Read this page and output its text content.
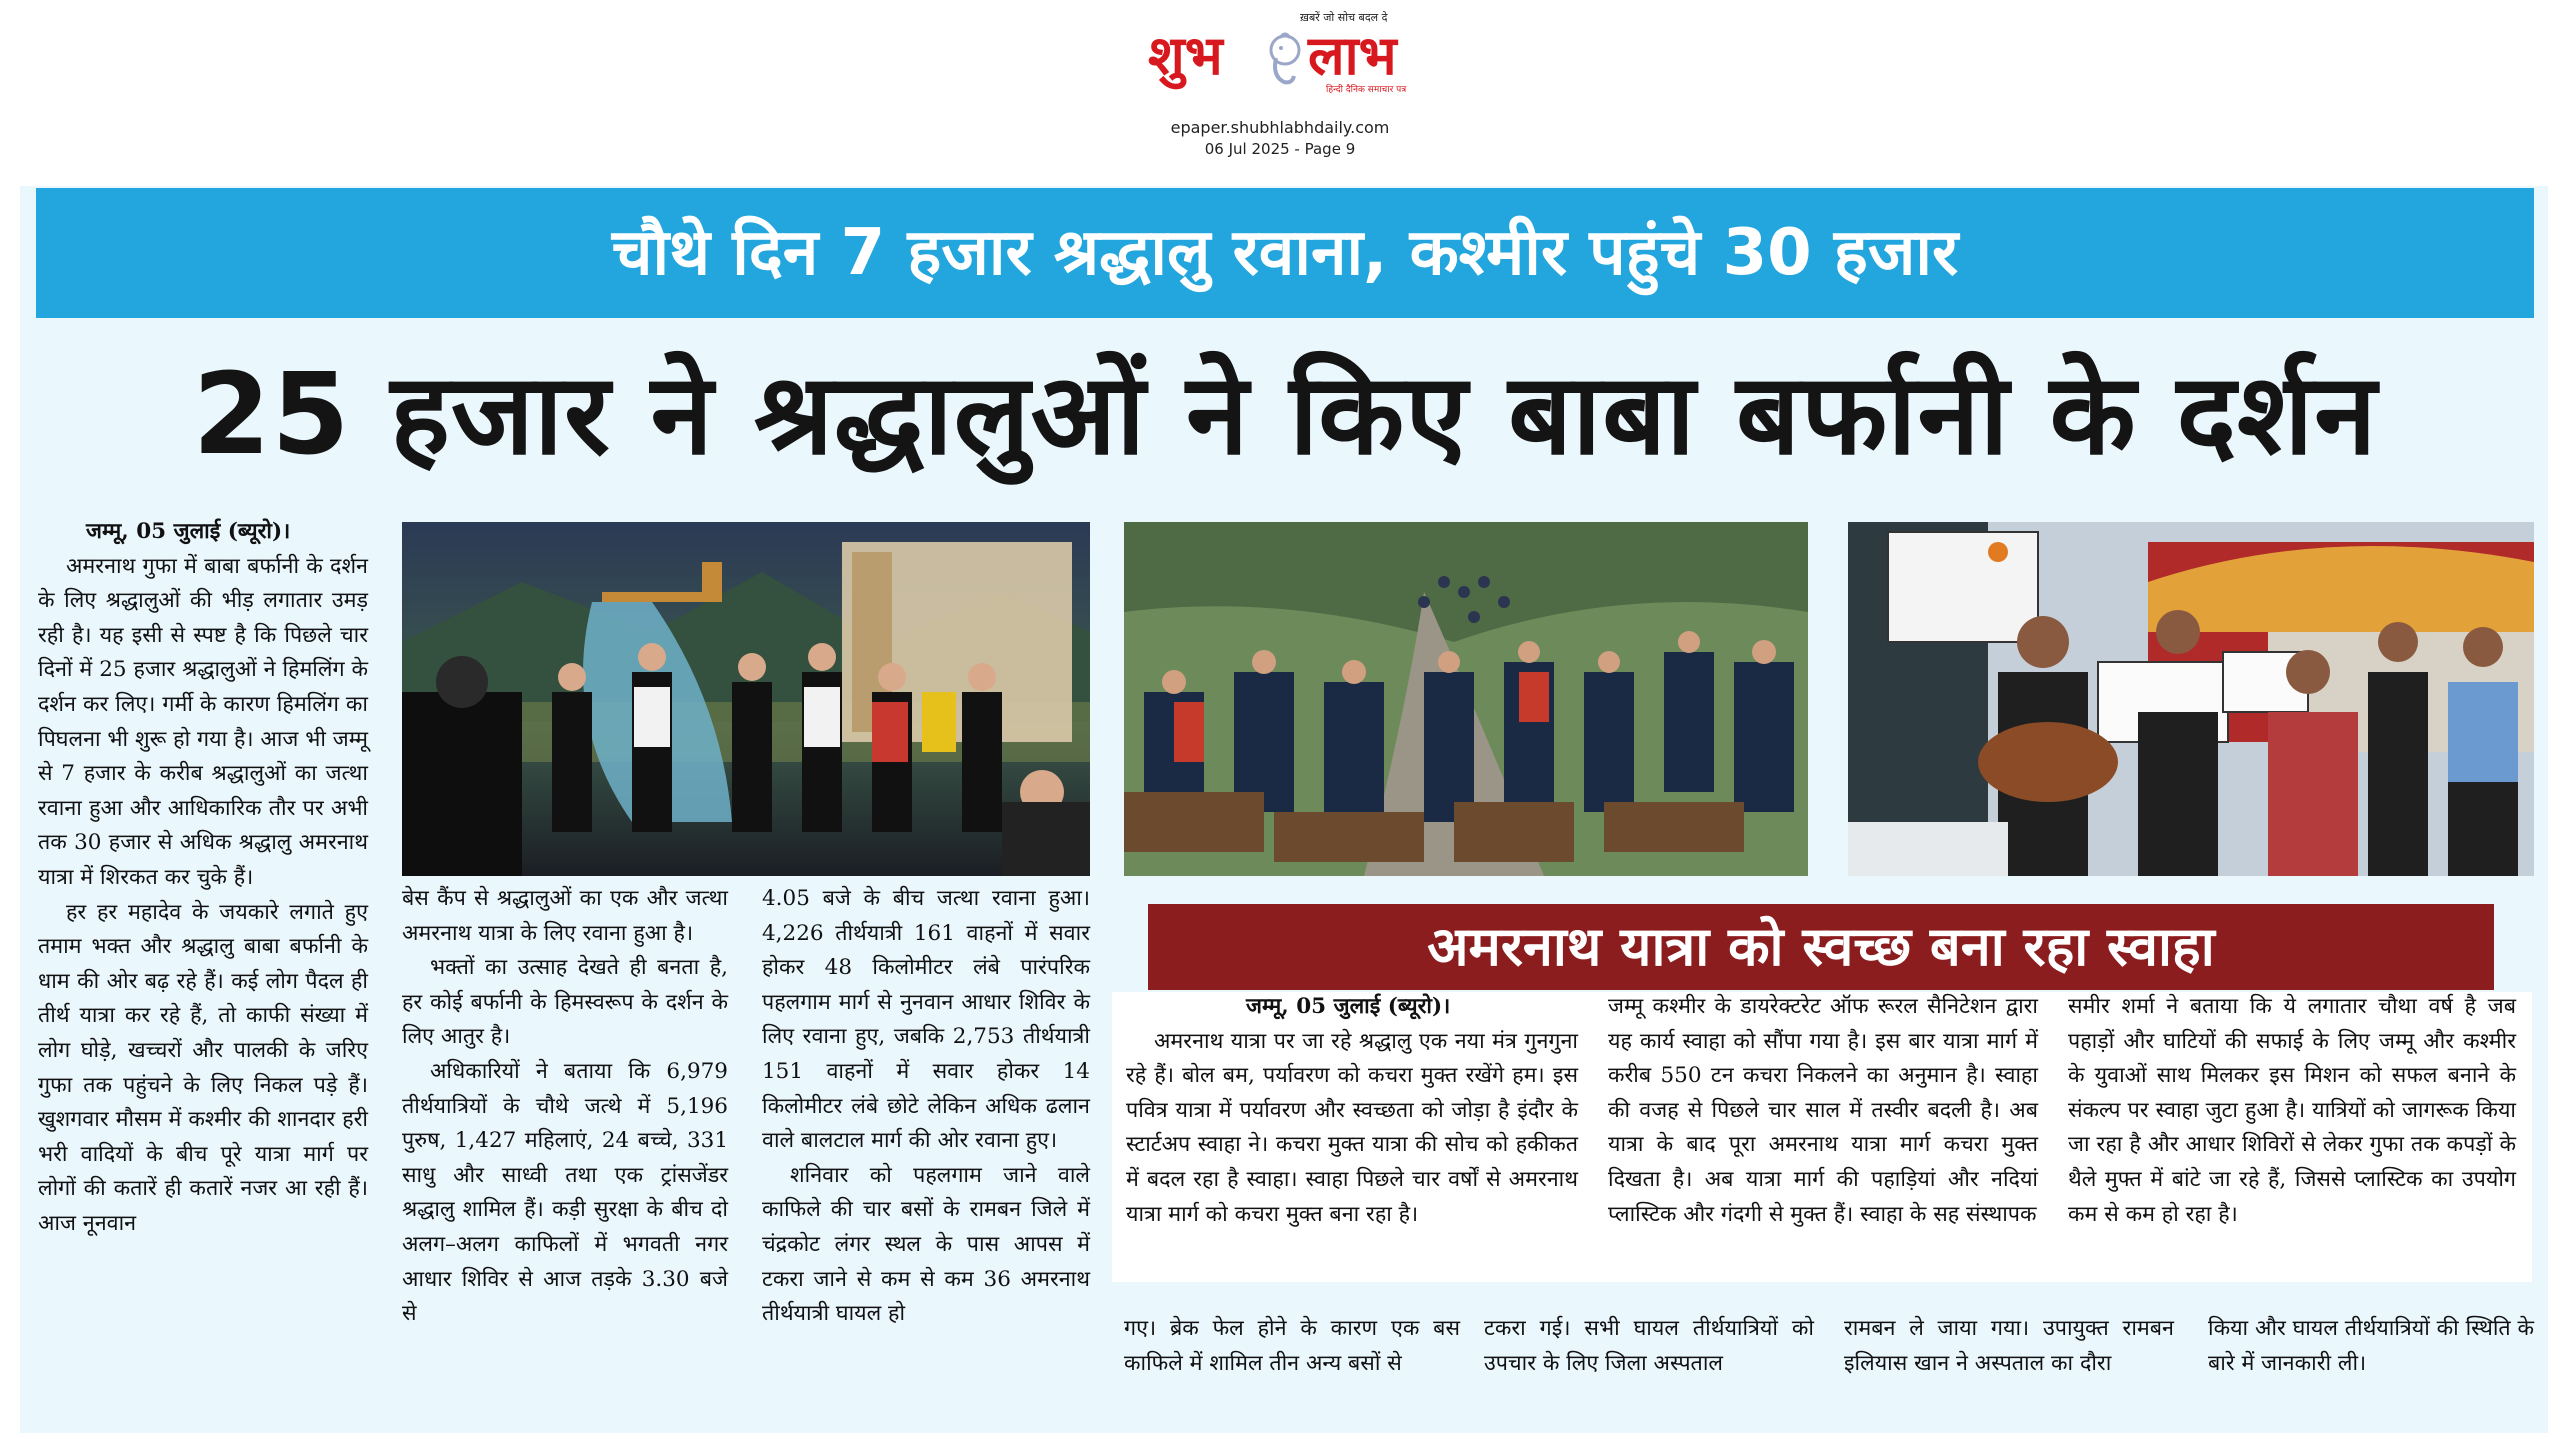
ख़बरें जो सोच बदल दे
शुभ लाभ
हिन्दी दैनिक समाचार पत्र
epaper.shubhlabhdaily.com
06 Jul 2025 - Page 9
चौथे दिन 7 हजार श्रद्धालु रवाना, कश्मीर पहुंचे 30 हजार
25 हजार ने श्रद्धालुओं ने किए बाबा बर्फानी के दर्शन

जम्मू, 05 जुलाई (ब्यूरो)।

अमरनाथ गुफा में बाबा बर्फानी के दर्शन के लिए श्रद्धालुओं की भीड़ लगातार उमड़ रही है। यह इसी से स्पष्ट है कि पिछले चार दिनों में 25 हजार श्रद्धालुओं ने हिमलिंग के दर्शन कर लिए। गर्मी के कारण हिमलिंग का पिघलना भी शुरू हो गया है। आज भी जम्मू से 7 हजार के करीब श्रद्धालुओं का जत्था रवाना हुआ और आधिकारिक तौर पर अभी तक 30 हजार से अधिक श्रद्धालु अमरनाथ यात्रा में शिरकत कर चुके हैं।

हर हर महादेव के जयकारे लगाते हुए तमाम भक्त और श्रद्धालु बाबा बर्फानी के धाम की ओर बढ़ रहे हैं। कई लोग पैदल ही तीर्थ यात्रा कर रहे हैं, तो काफी संख्या में लोग घोड़े, खच्चरों और पालकी के जरिए गुफा तक पहुंचने के लिए निकल पड़े हैं। खुशगवार मौसम में कश्मीर की शानदार हरी भरी वादियों के बीच पूरे यात्रा मार्ग पर लोगों की कतारें ही कतारें नजर आ रही हैं। आज नूनवान

बेस कैंप से श्रद्धालुओं का एक और जत्था अमरनाथ यात्रा के लिए रवाना हुआ है।

भक्तों का उत्साह देखते ही बनता है, हर कोई बर्फानी के हिमस्वरूप के दर्शन के लिए आतुर है।

अधिकारियों ने बताया कि 6,979 तीर्थयात्रियों के चौथे जत्थे में 5,196 पुरुष, 1,427 महिलाएं, 24 बच्चे, 331 साधु और साध्वी तथा एक ट्रांसजेंडर श्रद्धालु शामिल हैं। कड़ी सुरक्षा के बीच दो अलग–अलग काफिलों में भगवती नगर आधार शिविर से आज तड़के 3.30 बजे से

4.05 बजे के बीच जत्था रवाना हुआ। 4,226 तीर्थयात्री 161 वाहनों में सवार होकर 48 किलोमीटर लंबे पारंपरिक पहलगाम मार्ग से नुनवान आधार शिविर के लिए रवाना हुए, जबकि 2,753 तीर्थयात्री 151 वाहनों में सवार होकर 14 किलोमीटर लंबे छोटे लेकिन अधिक ढलान वाले बालटाल मार्ग की ओर रवाना हुए।

शनिवार को पहलगाम जाने वाले काफिले की चार बसों के रामबन जिले में चंद्रकोट लंगर स्थल के पास आपस में टकरा जाने से कम से कम 36 अमरनाथ तीर्थयात्री घायल हो

अमरनाथ यात्रा को स्वच्छ बना रहा स्वाहा

जम्मू, 05 जुलाई (ब्यूरो)।

अमरनाथ यात्रा पर जा रहे श्रद्धालु एक नया मंत्र गुनगुना रहे हैं। बोल बम, पर्यावरण को कचरा मुक्त रखेंगे हम। इस पवित्र यात्रा में पर्यावरण और स्वच्छता को जोड़ा है इंदौर के स्टार्टअप स्वाहा ने। कचरा मुक्त यात्रा की सोच को हकीकत में बदल रहा है स्वाहा। स्वाहा पिछले चार वर्षों से अमरनाथ यात्रा मार्ग को कचरा मुक्त बना रहा है।

जम्मू कश्मीर के डायरेक्टरेट ऑफ रूरल सैनिटेशन द्वारा यह कार्य स्वाहा को सौंपा गया है। इस बार यात्रा मार्ग में करीब 550 टन कचरा निकलने का अनुमान है। स्वाहा की वजह से पिछले चार साल में तस्वीर बदली है। अब यात्रा के बाद पूरा अमरनाथ यात्रा मार्ग कचरा मुक्त दिखता है। अब यात्रा मार्ग की पहाड़ियां और नदियां प्लास्टिक और गंदगी से मुक्त हैं। स्वाहा के सह संस्थापक

समीर शर्मा ने बताया कि ये लगातार चौथा वर्ष है जब पहाड़ों और घाटियों की सफाई के लिए जम्मू और कश्मीर के युवाओं साथ मिलकर इस मिशन को सफल बनाने के संकल्प पर स्वाहा जुटा हुआ है। यात्रियों को जागरूक किया जा रहा है और आधार शिविरों से लेकर गुफा तक कपड़ों के थैले मुफ्त में बांटे जा रहे हैं, जिससे प्लास्टिक का उपयोग कम से कम हो रहा है।

गए। ब्रेक फेल होने के कारण एक बस काफिले में शामिल तीन अन्य बसों से

टकरा गई। सभी घायल तीर्थयात्रियों को उपचार के लिए जिला अस्पताल

रामबन ले जाया गया। उपायुक्त रामबन इलियास खान ने अस्पताल का दौरा

किया और घायल तीर्थयात्रियों की स्थिति के बारे में जानकारी ली।
